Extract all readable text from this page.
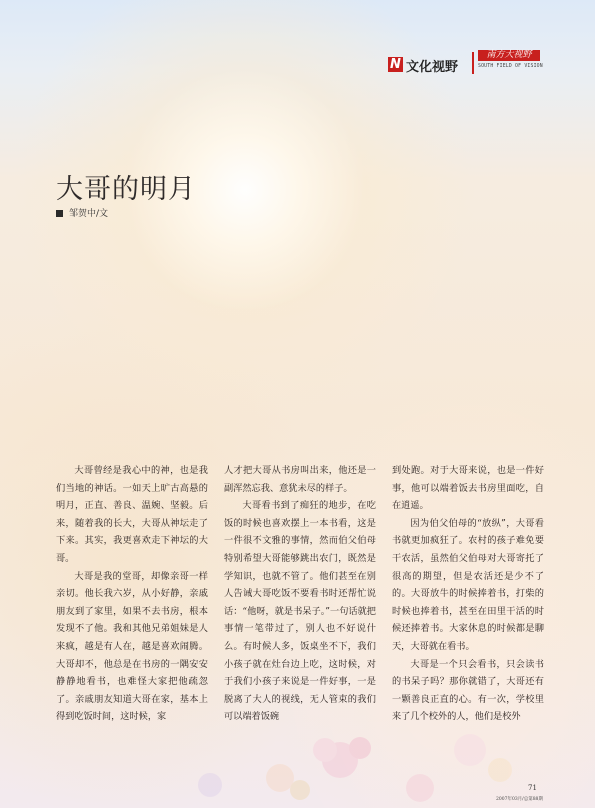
N 文化视野
南方大视野
SOUTH FIELD OF VISION
大哥的明月
邹贺中/文

大哥曾经是我心中的神，也是我们当地的神话。一如天上旷古高悬的明月，正直、善良、温婉、坚毅。后来，随着我的长大，大哥从神坛走了下来。其实，我更喜欢走下神坛的大哥。

大哥是我的堂哥，却像亲哥一样亲切。他长我六岁，从小好静，亲戚朋友到了家里，如果不去书房，根本发现不了他。我和其他兄弟姐妹是人来疯，越是有人在，越是喜欢闹腾。大哥却不，他总是在书房的一隅安安静静地看书，也难怪大家把他疏忽了。亲戚朋友知道大哥在家，基本上得到吃饭时间，这时候，家

人才把大哥从书房叫出来，他还是一副浑然忘我、意犹未尽的样子。

大哥看书到了痴狂的地步，在吃饭的时候也喜欢摆上一本书看，这是一件很不文雅的事情，然而伯父伯母特别希望大哥能够跳出农门，既然是学知识，也就不管了。他们甚至在别人告诫大哥吃饭不要看书时还帮忙说话：“他呀，就是书呆子。”一句话就把事情一笔带过了，别人也不好说什么。有时候人多，饭桌坐不下，我们小孩子就在灶台边上吃，这时候，对于我们小孩子来说是一件好事，一是脱离了大人的视线，无人管束的我们可以端着饭碗

到处跑。对于大哥来说，也是一件好事，他可以端着饭去书房里面吃，自在逍遥。

因为伯父伯母的“放纵”，大哥看书就更加疯狂了。农村的孩子难免要干农活，虽然伯父伯母对大哥寄托了很高的期望，但是农活还是少不了的。大哥放牛的时候捧着书，打柴的时候也捧着书，甚至在田里干活的时候还捧着书。大家休息的时候都是聊天，大哥就在看书。

大哥是一个只会看书，只会读书的书呆子吗？那你就错了，大哥还有一颗善良正直的心。有一次，学校里来了几个校外的人，他们是校外

71
2007年03月/总第88期
